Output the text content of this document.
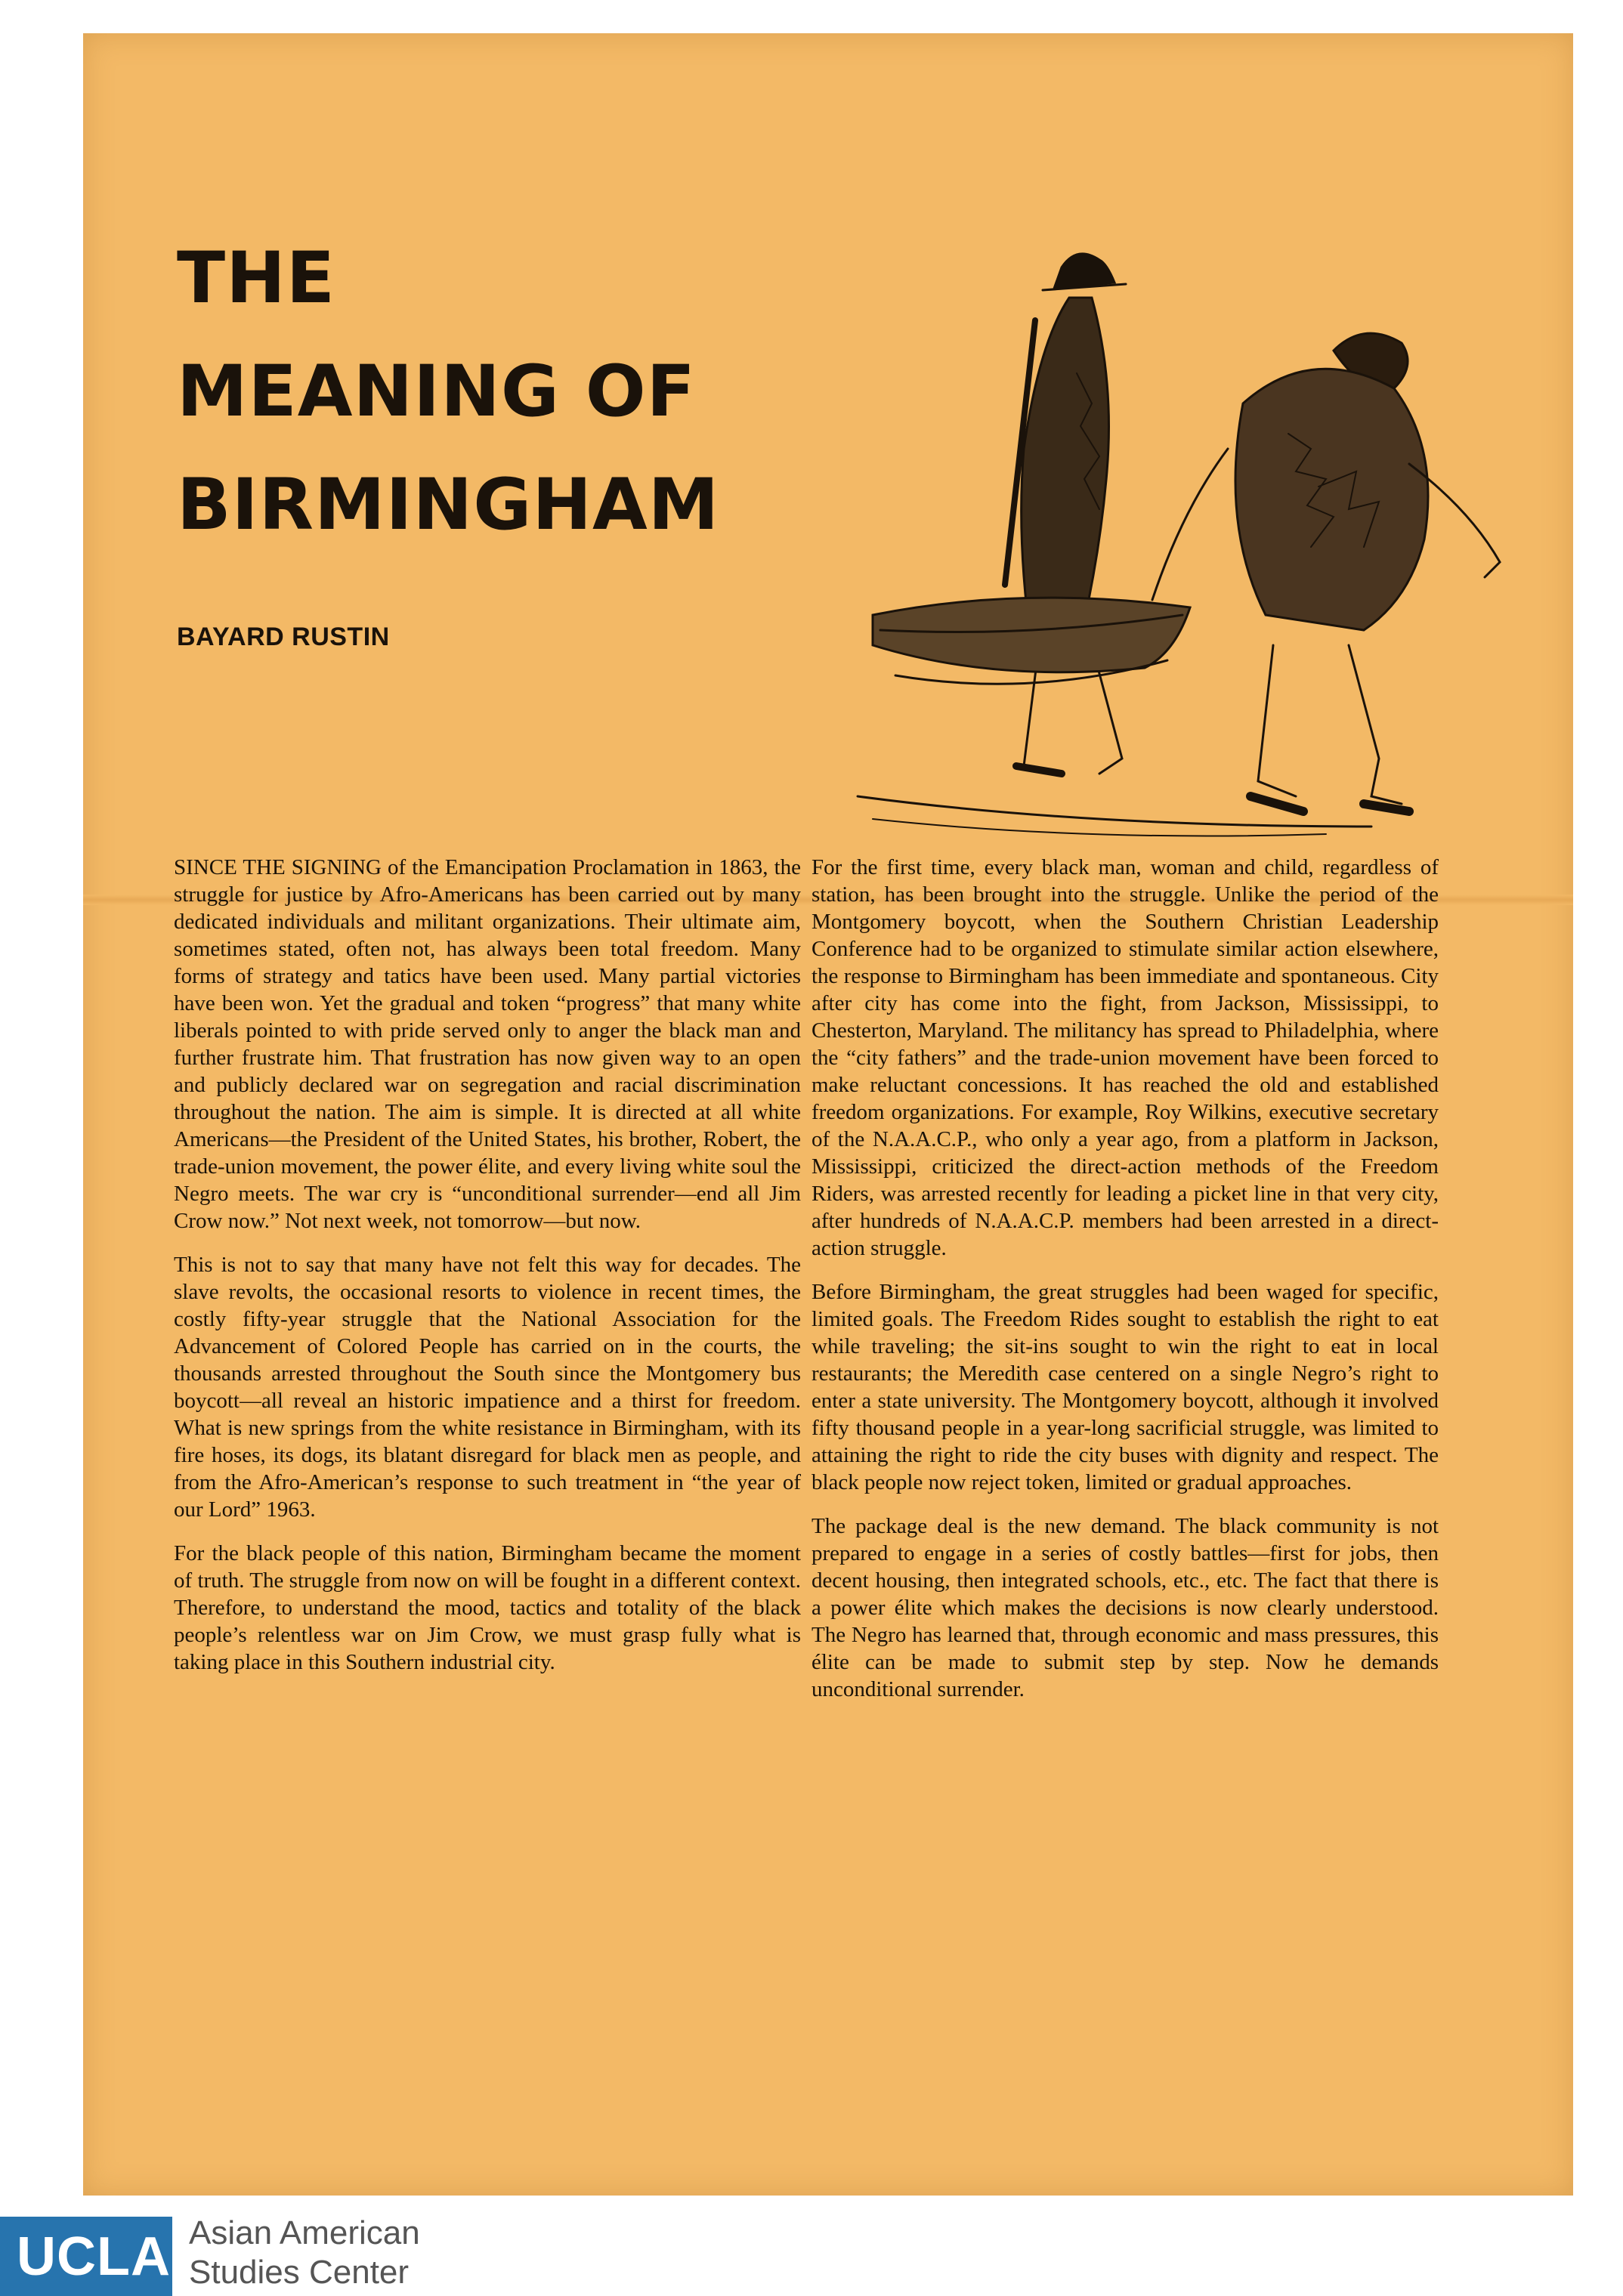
THE
MEANING OF
BIRMINGHAM
BAYARD RUSTIN

SINCE THE SIGNING of the Emancipation Proclamation in 1863, the struggle for justice by Afro-Americans has been carried out by many dedicated individuals and militant organizations. Their ultimate aim, sometimes stated, often not, has always been total freedom. Many forms of strategy and tatics have been used. Many partial victories have been won. Yet the gradual and token “progress” that many white liberals pointed to with pride served only to anger the black man and further frustrate him. That frustration has now given way to an open and publicly declared war on segregation and racial discrimination throughout the nation. The aim is simple. It is directed at all white Americans—the President of the United States, his brother, Robert, the trade-union movement, the power élite, and every living white soul the Negro meets. The war cry is “unconditional surrender—end all Jim Crow now.” Not next week, not tomorrow—but now.

This is not to say that many have not felt this way for decades. The slave revolts, the occasional resorts to violence in recent times, the costly fifty-year struggle that the National Association for the Advancement of Colored People has carried on in the courts, the thousands arrested throughout the South since the Montgomery bus boycott—all reveal an historic impatience and a thirst for freedom. What is new springs from the white resistance in Birmingham, with its fire hoses, its dogs, its blatant disregard for black men as people, and from the Afro-American’s response to such treatment in “the year of our Lord” 1963.

For the black people of this nation, Birmingham became the moment of truth. The struggle from now on will be fought in a different context. Therefore, to understand the mood, tactics and totality of the black people’s relentless war on Jim Crow, we must grasp fully what is taking place in this Southern industrial city.

For the first time, every black man, woman and child, regardless of station, has been brought into the struggle. Unlike the period of the Montgomery boycott, when the Southern Christian Leadership Conference had to be organized to stimulate similar action elsewhere, the response to Birmingham has been immediate and spontaneous. City after city has come into the fight, from Jackson, Mississippi, to Chesterton, Maryland. The militancy has spread to Philadelphia, where the “city fathers” and the trade-union movement have been forced to make reluctant concessions. It has reached the old and established freedom organizations. For example, Roy Wilkins, executive secretary of the N.A.A.C.P., who only a year ago, from a platform in Jackson, Mississippi, criticized the direct-action methods of the Freedom Riders, was arrested recently for leading a picket line in that very city, after hundreds of N.A.A.C.P. members had been arrested in a direct-action struggle.

Before Birmingham, the great struggles had been waged for specific, limited goals. The Freedom Rides sought to establish the right to eat while traveling; the sit-ins sought to win the right to eat in local restaurants; the Meredith case centered on a single Negro’s right to enter a state university. The Montgomery boycott, although it involved fifty thousand people in a year-long sacrificial struggle, was limited to attaining the right to ride the city buses with dignity and respect. The black people now reject token, limited or gradual approaches.

The package deal is the new demand. The black community is not prepared to engage in a series of costly battles—first for jobs, then decent housing, then integrated schools, etc., etc. The fact that there is a power élite which makes the decisions is now clearly understood. The Negro has learned that, through economic and mass pressures, this élite can be made to submit step by step. Now he demands unconditional surrender.

UCLA Asian American
Studies Center
